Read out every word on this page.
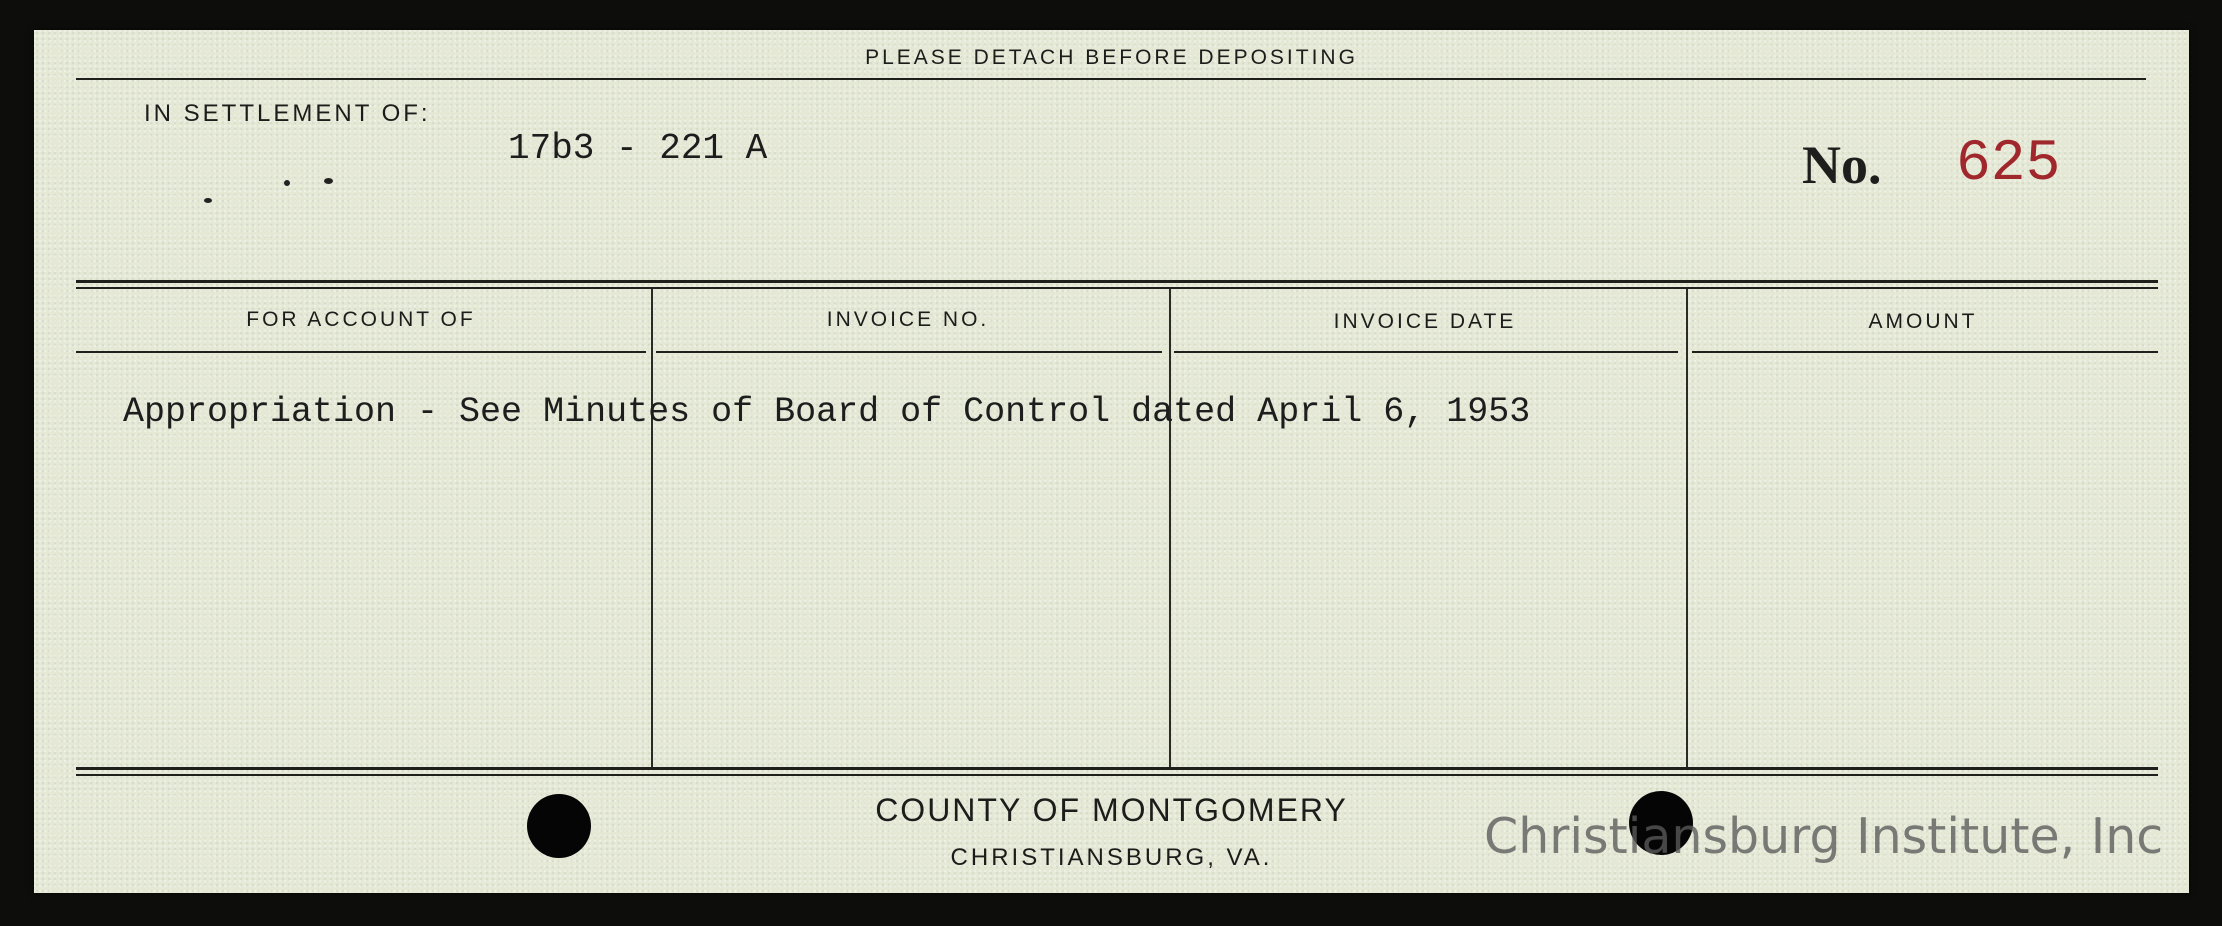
PLEASE DETACH BEFORE DEPOSITING
IN SETTLEMENT OF:
17b3 - 221 A	No. 625
FOR ACCOUNT OF	INVOICE NO.	INVOICE DATE	AMOUNT
Appropriation - See Minutes of Board of Control dated April 6, 1953
COUNTY OF MONTGOMERY
CHRISTIANSBURG, VA.	Christiansburg Institute, Inc
